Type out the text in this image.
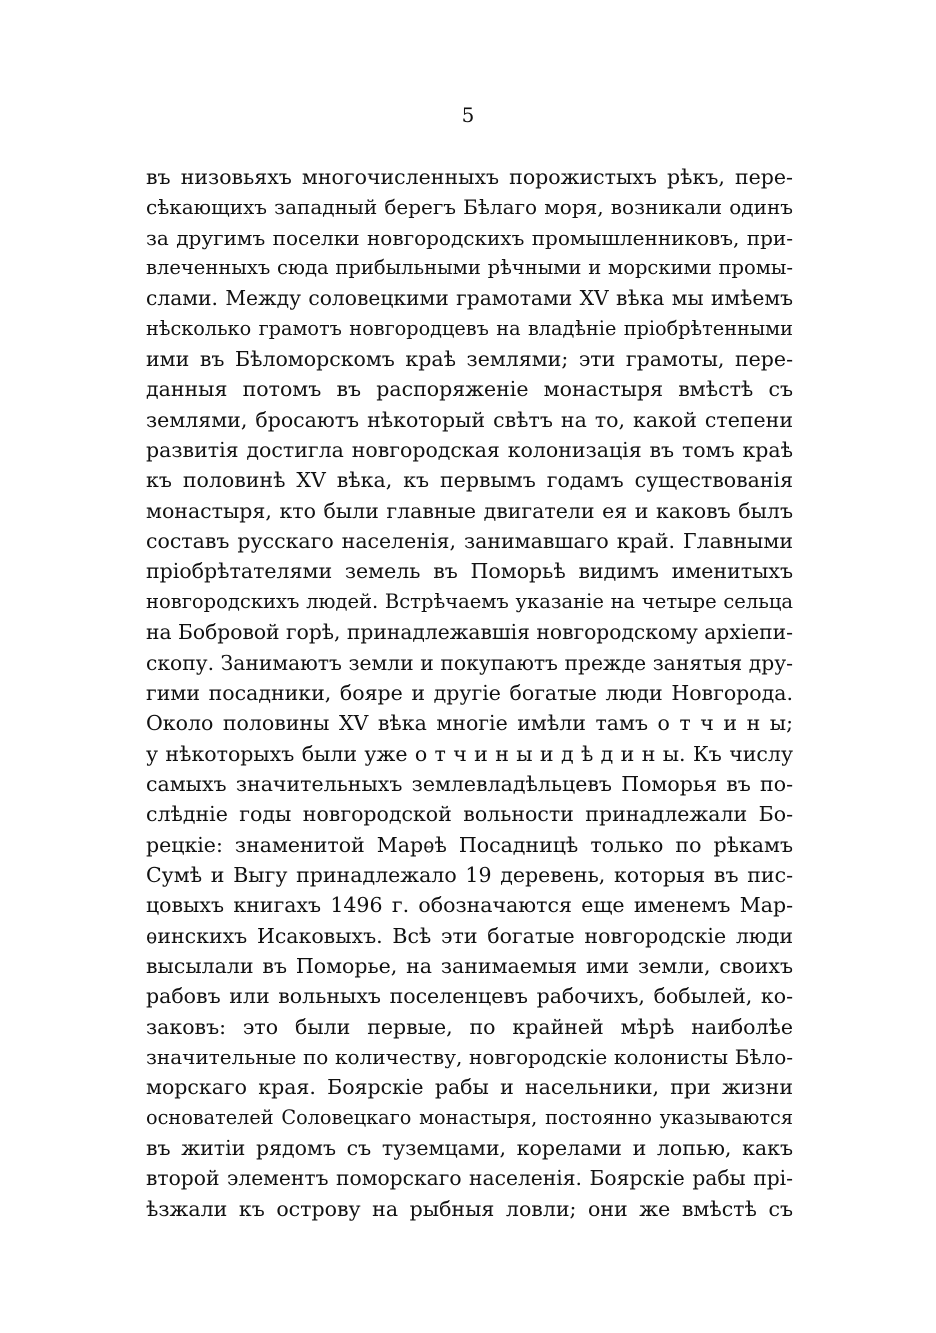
5
въ низовьяхъ многочисленныхъ порожистыхъ рѣкъ, пере-
сѣкающихъ западный берегъ Бѣлаго моря, возникали одинъ
за другимъ поселки новгородскихъ промышленниковъ, при-
влеченныхъ сюда прибыльными рѣчными и морскими промы-
слами. Между соловецкими грамотами XV вѣка мы имѣемъ
нѣсколько грамотъ новгородцевъ на владѣніе пріобрѣтенными
ими въ Бѣломорскомъ краѣ землями; эти грамоты, пере-
данныя потомъ въ распоряженіе монастыря вмѣстѣ съ
землями, бросаютъ нѣкоторый свѣтъ на то, какой степени
развитія достигла новгородская колонизація въ томъ краѣ
къ половинѣ XV вѣка, къ первымъ годамъ существованія
монастыря, кто были главные двигатели ея и каковъ былъ
составъ русскаго населенія, занимавшаго край. Главными
пріобрѣтателями земель въ Поморьѣ видимъ именитыхъ
новгородскихъ людей. Встрѣчаемъ указаніе на четыре сельца
на Бобровой горѣ, принадлежавшія новгородскому архіепи-
скопу. Занимаютъ земли и покупаютъ прежде занятыя дру-
гими посадники, бояре и другіе богатые люди Новгорода.
Около половины XV вѣка многіе имѣли тамъ о т ч и н ы;
у нѣкоторыхъ были уже о т ч и н ы и д ѣ д и н ы. Къ числу
самыхъ значительныхъ землевладѣльцевъ Поморья въ по-
слѣдніе годы новгородской вольности принадлежали Бо-
рецкіе: знаменитой Марѳѣ Посадницѣ только по рѣкамъ
Сумѣ и Выгу принадлежало 19 деревень, которыя въ пис-
цовыхъ книгахъ 1496 г. обозначаются еще именемъ Мар-
ѳинскихъ Исаковыхъ. Всѣ эти богатые новгородскіе люди
высылали въ Поморье, на занимаемыя ими земли, своихъ
рабовъ или вольныхъ поселенцевъ рабочихъ, бобылей, ко-
заковъ: это были первые, по крайней мѣрѣ наиболѣе
значительные по количеству, новгородскіе колонисты Бѣло-
морскаго края. Боярскіе рабы и насельники, при жизни
основателей Соловецкаго монастыря, постоянно указываются
въ житіи рядомъ съ туземцами, корелами и лопью, какъ
второй элементъ поморскаго населенія. Боярскіе рабы прі-
ѣзжали къ острову на рыбныя ловли; они же вмѣстѣ съ
